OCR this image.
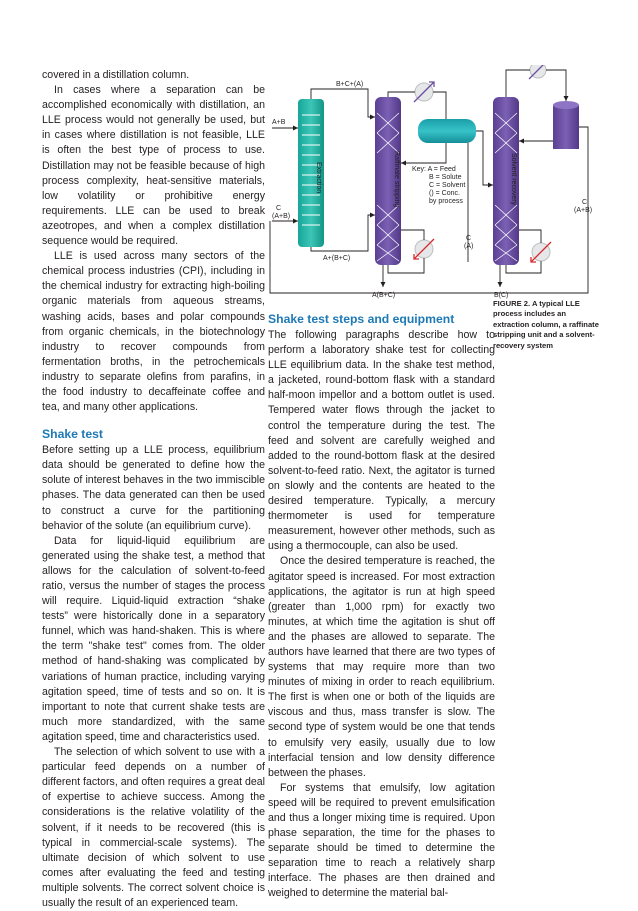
covered in a distillation column.

In cases where a separation can be accomplished economically with distillation, an LLE process would not generally be used, but in cases where distillation is not feasible, LLE is often the best type of process to use. Distillation may not be feasible because of high process complexity, heat-sensitive materials, low volatility or prohibitive energy requirements. LLE can be used to break azeotropes, and when a complex distillation sequence would be required.

LLE is used across many sectors of the chemical process industries (CPI), including in the chemical industry for extracting high-boiling organic materials from aqueous streams, washing acids, bases and polar compounds from organic chemicals, in the biotechnology industry to recover compounds from fermentation broths, in the petrochemicals industry to separate olefins from parafins, in the food industry to decaffeinate coffee and tea, and many other applications.

Shake test

Before setting up a LLE process, equilibrium data should be generated to define how the solute of interest behaves in the two immiscible phases. The data generated can then be used to construct a curve for the partitioning behavior of the solute (an equilibrium curve).

Data for liquid-liquid equilibrium are generated using the shake test, a method that allows for the calculation of solvent-to-feed ratio, versus the number of stages the process will require. Liquid-liquid extraction “shake tests” were historically done in a separatory funnel, which was hand-shaken. This is where the term "shake test" comes from. The older method of hand-shaking was complicated by variations of human practice, including varying agitation speed, time of tests and so on. It is important to note that current shake tests are much more standardized, with the same agitation speed, time and characteristics used.

The selection of which solvent to use with a particular feed depends on a number of different factors, and often requires a great deal of expertise to achieve success. Among the considerations is the relative volatility of the solvent, if it needs to be recovered (this is typical in commercial-scale systems). The ultimate decision of which solvent to use comes after evaluating the feed and testing multiple solvents. The correct solvent choice is usually the result of an experienced team.

Shake test steps and equipment

The following paragraphs describe how to perform a laboratory shake test for collecting LLE equilibrium data. In the shake test method, a jacketed, round-bottom flask with a standard half-moon impellor and a bottom outlet is used. Tempered water flows through the jacket to control the temperature during the test. The feed and solvent are carefully weighed and added to the round-bottom flask at the desired solvent-to-feed ratio. Next, the agitator is turned on slowly and the contents are heated to the desired temperature. Typically, a mercury thermometer is used for temperature measurement, however other methods, such as using a thermocouple, can also be used.

Once the desired temperature is reached, the agitator speed is increased. For most extraction applications, the agitator is run at high speed (greater than 1,000 rpm) for exactly two minutes, at which time the agitation is shut off and the phases are allowed to separate. The authors have learned that there are two types of systems that may require more than two minutes of mixing in order to reach equilibrium. The first is when one or both of the liquids are viscous and thus, mass transfer is slow. The second type of system would be one that tends to emulsify very easily, usually due to low interfacial tension and low density difference between the phases.

For systems that emulsify, low agitation speed will be required to prevent emulsification and thus a longer mixing time is required. Upon phase separation, the time for the phases to separate should be timed to determine the separation time to reach a relatively sharp interface. The phases are then drained and weighed to determine the material bal-

FIGURE 2. A typical LLE process includes an extraction column, a raffinate stripping unit and a solvent-recovery system
Extraction	Raffinate stripping	Solvent recovery
A+B
B+C+(A)
C
(A+B)
A+(B+C)
C
(A)
C
(A+B)
A(B+C)	B(C)
Key: A = Feed
B = Solute
C = Solvent
() = Conc.
by process
